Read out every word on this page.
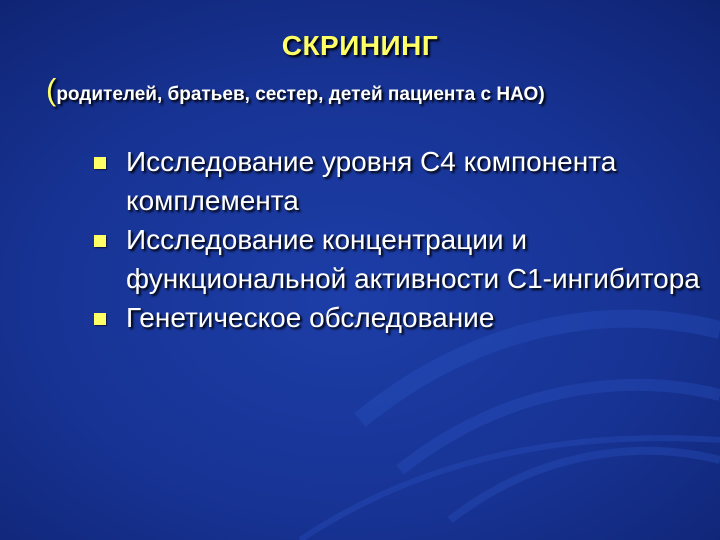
СКРИНИНГ
( родителей, братьев, сестер, детей пациента с НАО )
Исследование уровня С4 компонента комплемента
Исследование концентрации и функциональной активности С1-ингибитора
Генетическое обследование
